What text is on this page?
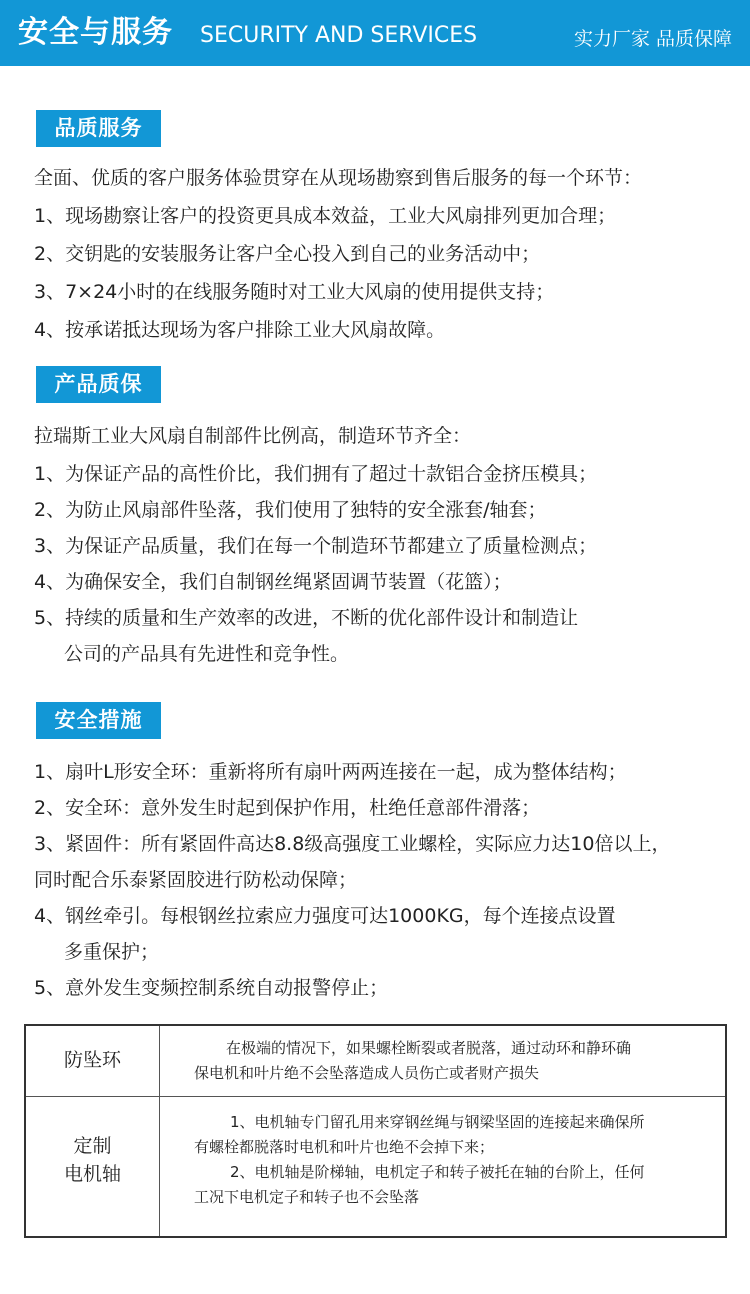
安全与服务 SECURITY AND SERVICES	实力厂家 品质保障
品质服务
全面、优质的客户服务体验贯穿在从现场勘察到售后服务的每一个环节：
1、现场勘察让客户的投资更具成本效益，工业大风扇排列更加合理；
2、交钥匙的安装服务让客户全心投入到自己的业务活动中；
3、7×24小时的在线服务随时对工业大风扇的使用提供支持；
4、按承诺抵达现场为客户排除工业大风扇故障。
产品质保
拉瑞斯工业大风扇自制部件比例高，制造环节齐全：
1、为保证产品的高性价比，我们拥有了超过十款铝合金挤压模具；
2、为防止风扇部件坠落，我们使用了独特的安全涨套/轴套；
3、为保证产品质量，我们在每一个制造环节都建立了质量检测点；
4、为确保安全，我们自制钢丝绳紧固调节装置（花篮）；
5、持续的质量和生产效率的改进，不断的优化部件设计和制造让
公司的产品具有先进性和竞争性。
安全措施
1、扇叶L形安全环：重新将所有扇叶两两连接在一起，成为整体结构；
2、安全环：意外发生时起到保护作用，杜绝任意部件滑落；
3、紧固件：所有紧固件高达8.8级高强度工业螺栓，实际应力达10倍以上，
同时配合乐泰紧固胶进行防松动保障；
4、钢丝牵引。每根钢丝拉索应力强度可达1000KG，每个连接点设置
多重保护；
5、意外发生变频控制系统自动报警停止；
防坠环
在极端的情况下，如果螺栓断裂或者脱落，通过动环和静环确
保电机和叶片绝不会坠落造成人员伤亡或者财产损失
定制
电机轴
1、电机轴专门留孔用来穿钢丝绳与钢梁坚固的连接起来确保所
有螺栓都脱落时电机和叶片也绝不会掉下来；
2、电机轴是阶梯轴，电机定子和转子被托在轴的台阶上，任何
工况下电机定子和转子也不会坠落
